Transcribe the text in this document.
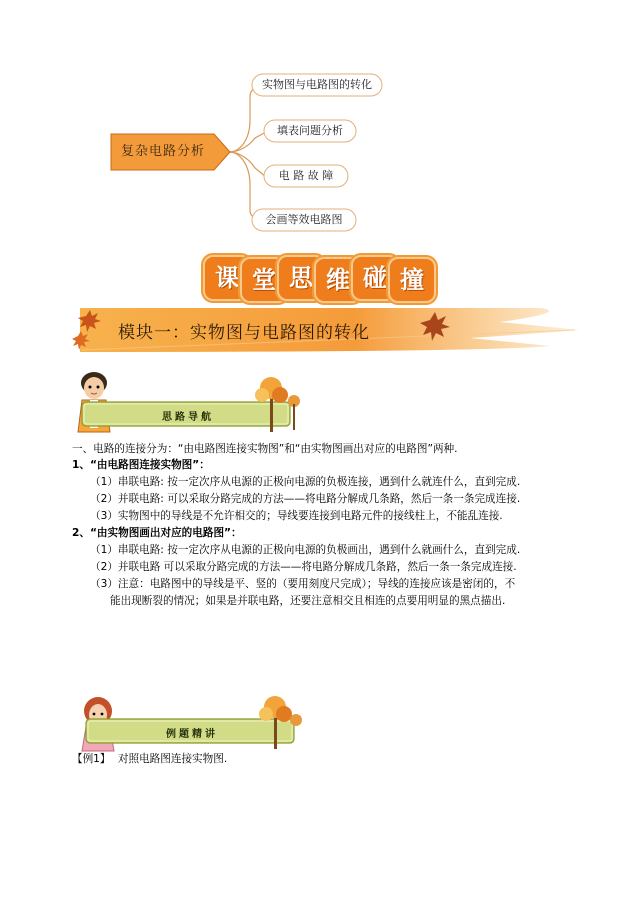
复杂电路分析
实物图与电路图的转化
填表问题分析
电 路 故 障
会画等效电路图
课 堂 思 维 碰 撞
模块一：实物图与电路图的转化
思路导航
一、电路的连接分为：“由电路图连接实物图”和“由实物图画出对应的电路图”两种.
1、“由电路图连接实物图”：
（1）串联电路: 按一定次序从电源的正极向电源的负极连接，遇到什么就连什么，直到完成.
（2）并联电路: 可以采取分路完成的方法——将电路分解成几条路，然后一条一条完成连接.
（3）实物图中的导线是不允许相交的；导线要连接到电路元件的接线柱上，不能乱连接.
2、“由实物图画出对应的电路图”：
（1）串联电路: 按一定次序从电源的正极向电源的负极画出，遇到什么就画什么，直到完成.
（2）并联电路 可以采取分路完成的方法——将电路分解成几条路，然后一条一条完成连接.
（3）注意：电路图中的导线是平、竖的（要用刻度尺完成）；导线的连接应该是密闭的，不
能出现断裂的情况；如果是并联电路，还要注意相交且相连的点要用明显的黑点描出.
例题精讲
【例1】 对照电路图连接实物图.
